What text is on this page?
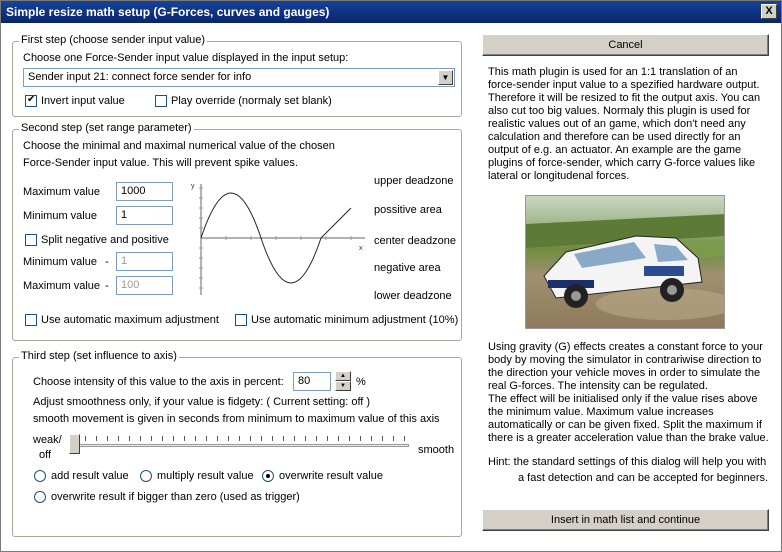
Simple resize math setup (G-Forces, curves and gauges)	X
First step (choose sender input value)
Choose one Force-Sender input value displayed in the input setup:
Sender input 21: connect force sender for info	▼
✔
Invert input value	Play override (normaly set blank)
Second step (set range parameter)
Choose the minimal and maximal numerical value of the chosen
Force-Sender input value. This will prevent spike values.
Maximum value	1000
Minimum value	1
Split negative and positive
Minimum value -	1
Maximum value -	100
y
x
upper deadzone
possitive area
center deadzone
negative area
lower deadzone
Use automatic maximum adjustment	Use automatic minimum adjustment (10%)
Third step (set influence to axis)
Choose intensity of this value to the axis in percent:	80	▲
▼ %
Adjust smoothness only, if your value is fidgety: ( Current setting: off )
smooth movement is given in seconds from minimum to maximum value of this axis
weak/
off	smooth
add result value	multiply result value overwrite result value
overwrite result if bigger than zero (used as trigger)
Cancel
This math plugin is used for an 1:1 translation of an force-sender input value to a spezified hardware output. Therefore it will be resized to fit the output axis. You can also cut too big values. Normaly this plugin is used for realistic values out of an game, which don't need any calculation and therefore can be used directly for an output of e.g. an actuator. An example are the game plugins of force-sender, which carry G-force values like lateral or longitudenal forces.
Using gravity (G) effects creates a constant force to your body by moving the simulator in contrariwise direction to the direction your vehicle moves in order to simulate the real G-forces. The intensity can be regulated.
The effect will be initialised only if the value rises above the minimum value. Maximum value increases automatically or can be given fixed. Split the maximum if there is a greater acceleration value than the brake value.
Hint: the standard settings of this dialog will help you with
a fast detection and can be accepted for beginners.
Insert in math list and continue
